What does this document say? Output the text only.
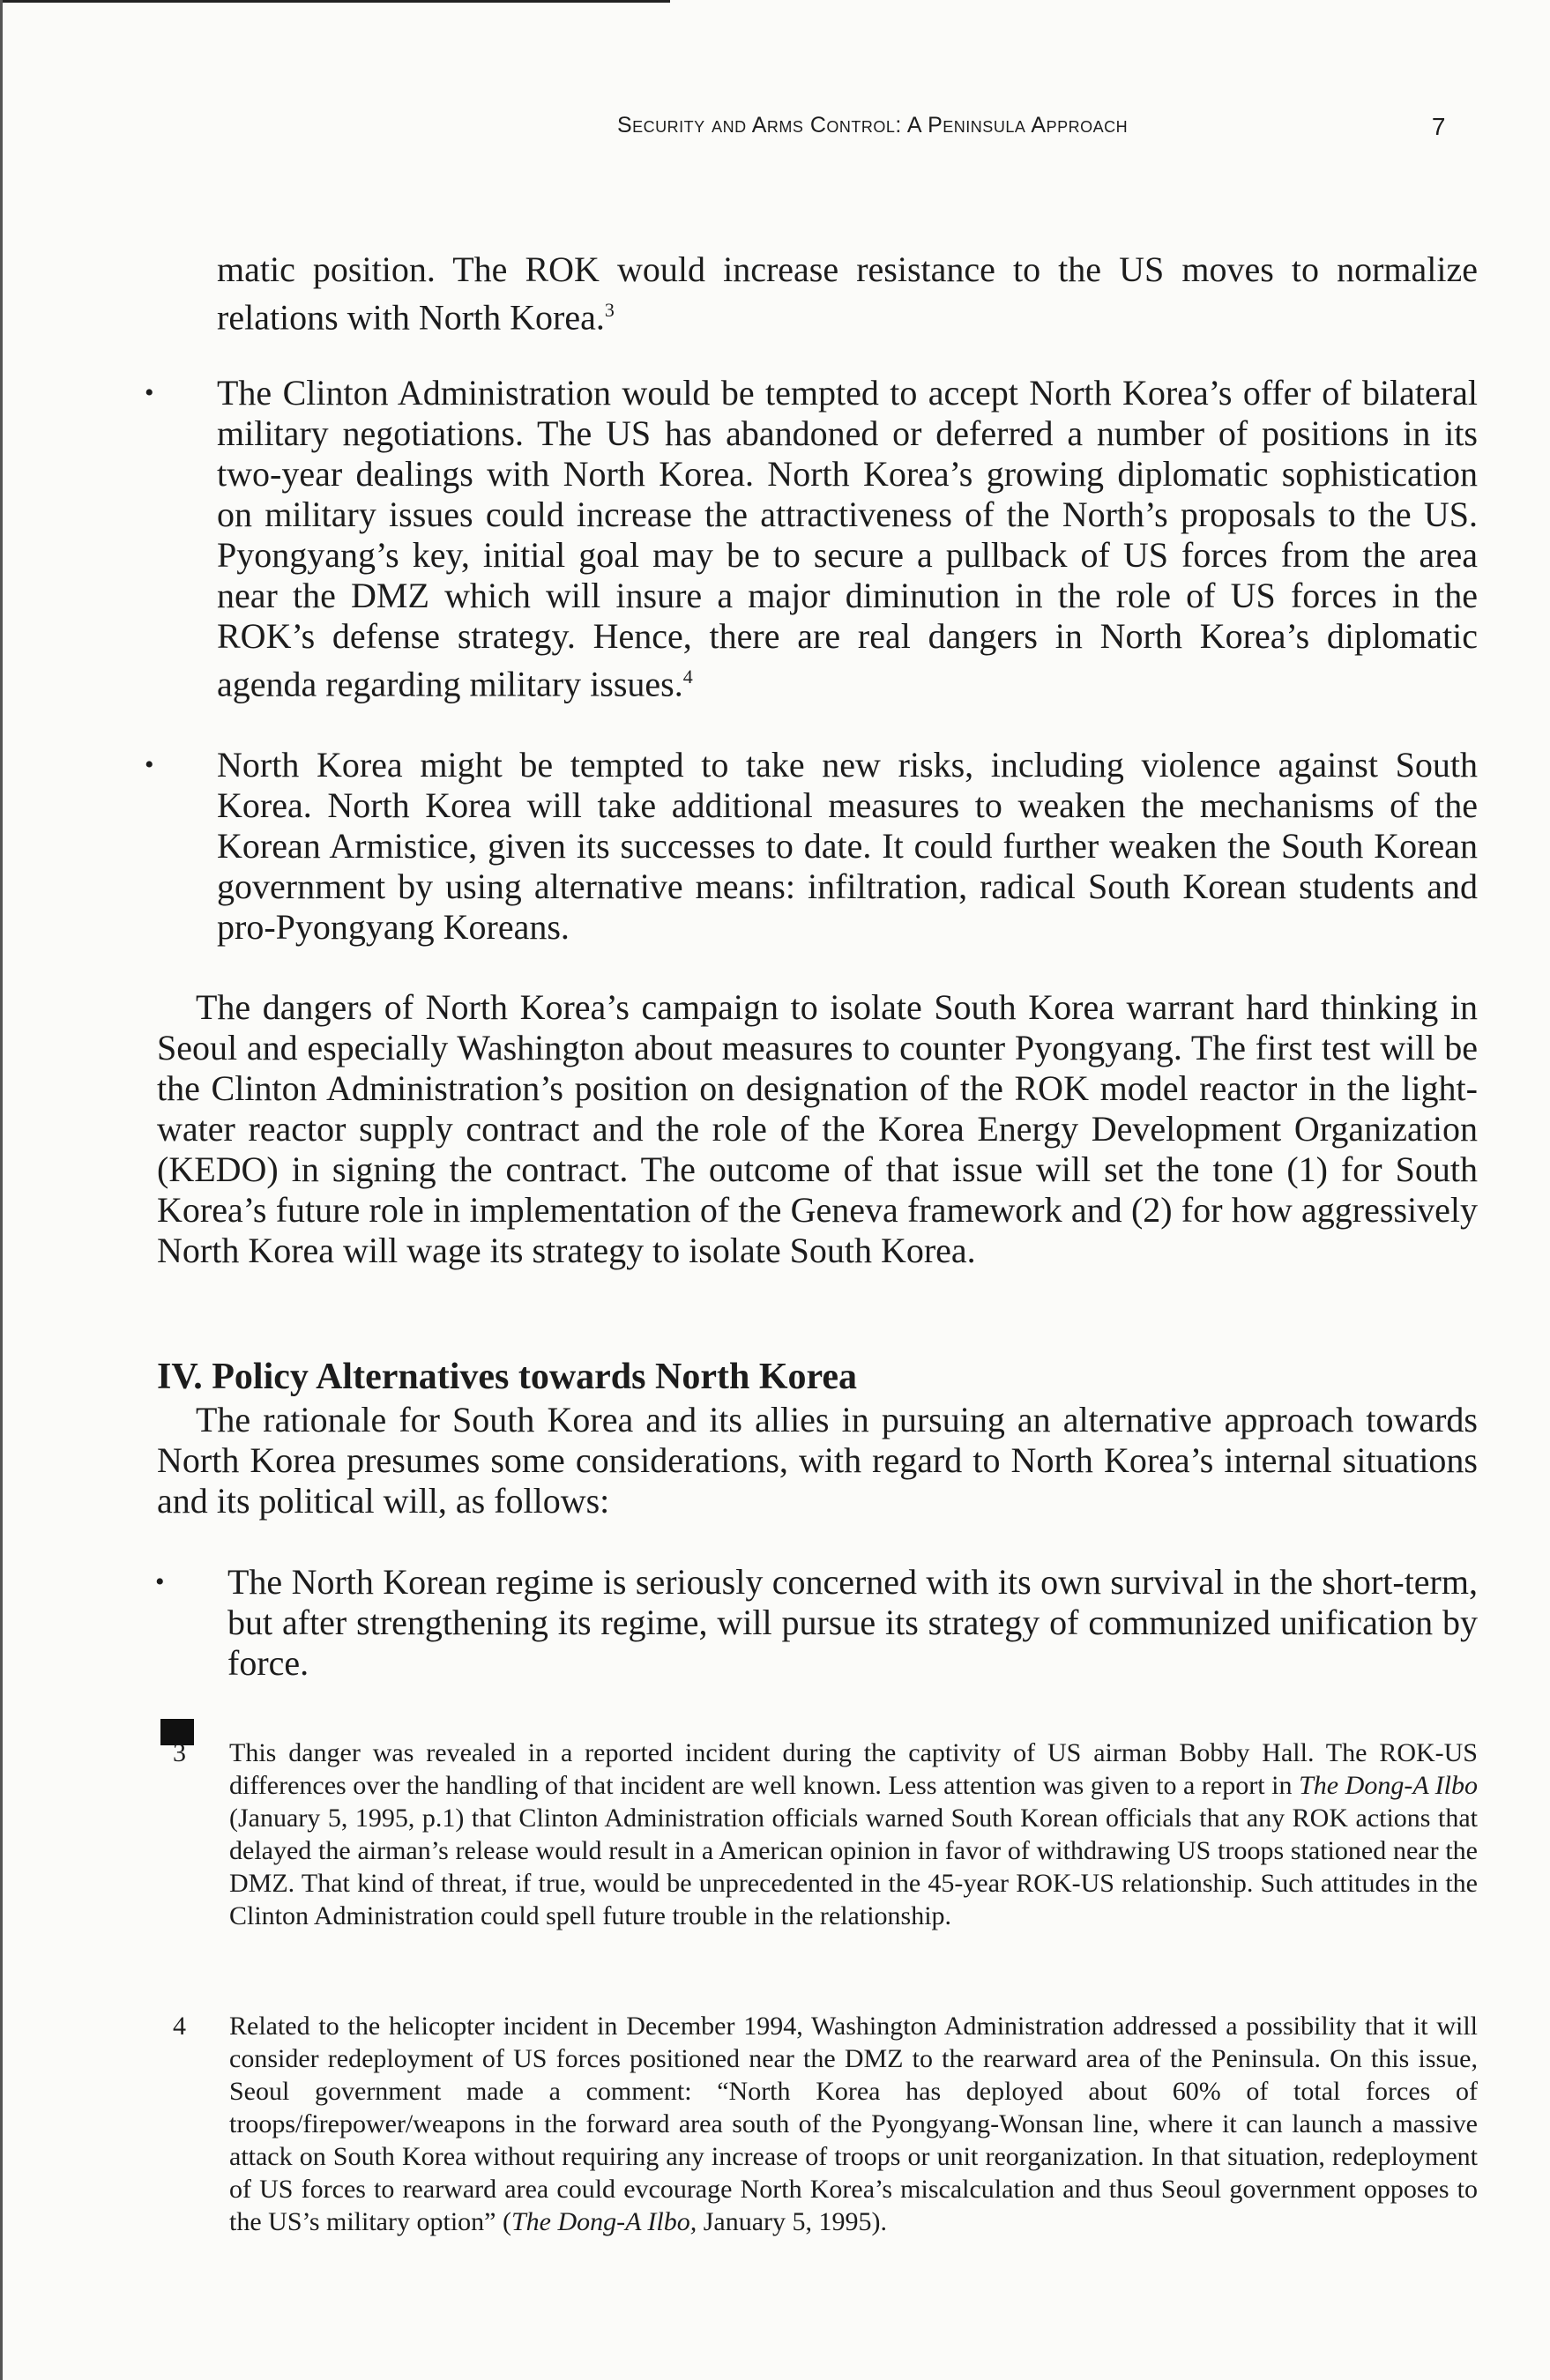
Security and Arms Control: A Peninsula Approach	7
matic position. The ROK would increase resistance to the US moves to normalize relations with North Korea.$^3$
• The Clinton Administration would be tempted to accept North Korea’s offer of bilateral military negotiations. The US has abandoned or deferred a number of positions in its two-year dealings with North Korea. North Korea’s growing diplomatic sophistication on military issues could increase the attractiveness of the North’s proposals to the US. Pyongyang’s key, initial goal may be to secure a pullback of US forces from the area near the DMZ which will insure a major diminution in the role of US forces in the ROK’s defense strategy. Hence, there are real dangers in North Korea’s diplomatic agenda regarding military issues.$^4$
• North Korea might be tempted to take new risks, including violence against South Korea. North Korea will take additional measures to weaken the mechanisms of the Korean Armistice, given its successes to date. It could further weaken the South Korean government by using alternative means: infiltration, radical South Korean students and pro-Pyongyang Koreans.
The dangers of North Korea’s campaign to isolate South Korea warrant hard thinking in Seoul and especially Washington about measures to counter Pyongyang. The first test will be the Clinton Administration’s position on designation of the ROK model reactor in the light-water reactor supply contract and the role of the Korea Energy Development Organization (KEDO) in signing the contract. The outcome of that issue will set the tone (1) for South Korea’s future role in implementation of the Geneva framework and (2) for how aggressively North Korea will wage its strategy to isolate South Korea.
IV. Policy Alternatives towards North Korea
The rationale for South Korea and its allies in pursuing an alternative approach towards North Korea presumes some considerations, with regard to North Korea’s internal situations and its political will, as follows:
• The North Korean regime is seriously concerned with its own survival in the short-term, but after strengthening its regime, will pursue its strategy of communized unification by force.
3 This danger was revealed in a reported incident during the captivity of US airman Bobby Hall. The ROK-US differences over the handling of that incident are well known. Less attention was given to a report in The Dong-A Ilbo (January 5, 1995, p.1) that Clinton Administration officials warned South Korean officials that any ROK actions that delayed the airman’s release would result in a American opinion in favor of withdrawing US troops stationed near the DMZ. That kind of threat, if true, would be unprecedented in the 45-year ROK-US relationship. Such attitudes in the Clinton Administration could spell future trouble in the relationship.
4 Related to the helicopter incident in December 1994, Washington Administration addressed a possibility that it will consider redeployment of US forces positioned near the DMZ to the rearward area of the Peninsula. On this issue, Seoul government made a comment: “North Korea has deployed about 60% of total forces of troops/firepower/weapons in the forward area south of the Pyongyang-Wonsan line, where it can launch a massive attack on South Korea without requiring any increase of troops or unit reorganization. In that situation, redeployment of US forces to rearward area could evcourage North Korea’s miscalculation and thus Seoul government opposes to the US’s military option” (The Dong-A Ilbo, January 5, 1995).
